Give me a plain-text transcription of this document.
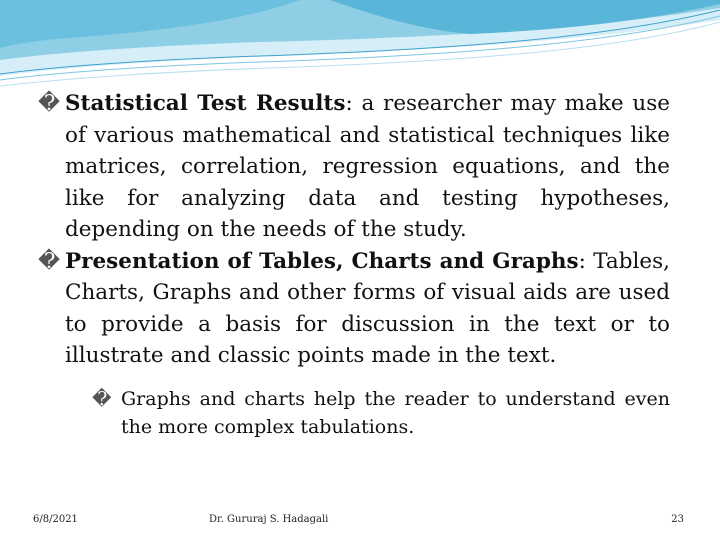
� Statistical Test Results: a researcher may make use of various mathematical and statistical techniques like matrices, correlation, regression equations, and the like for analyzing data and testing hypotheses, depending on the needs of the study.

� Presentation of Tables, Charts and Graphs: Tables, Charts, Graphs and other forms of visual aids are used to provide a basis for discussion in the text or to illustrate and classic points made in the text.

� Graphs and charts help the reader to understand even the more complex tabulations.

6/8/2021	Dr. Gururaj S. Hadagali	23
